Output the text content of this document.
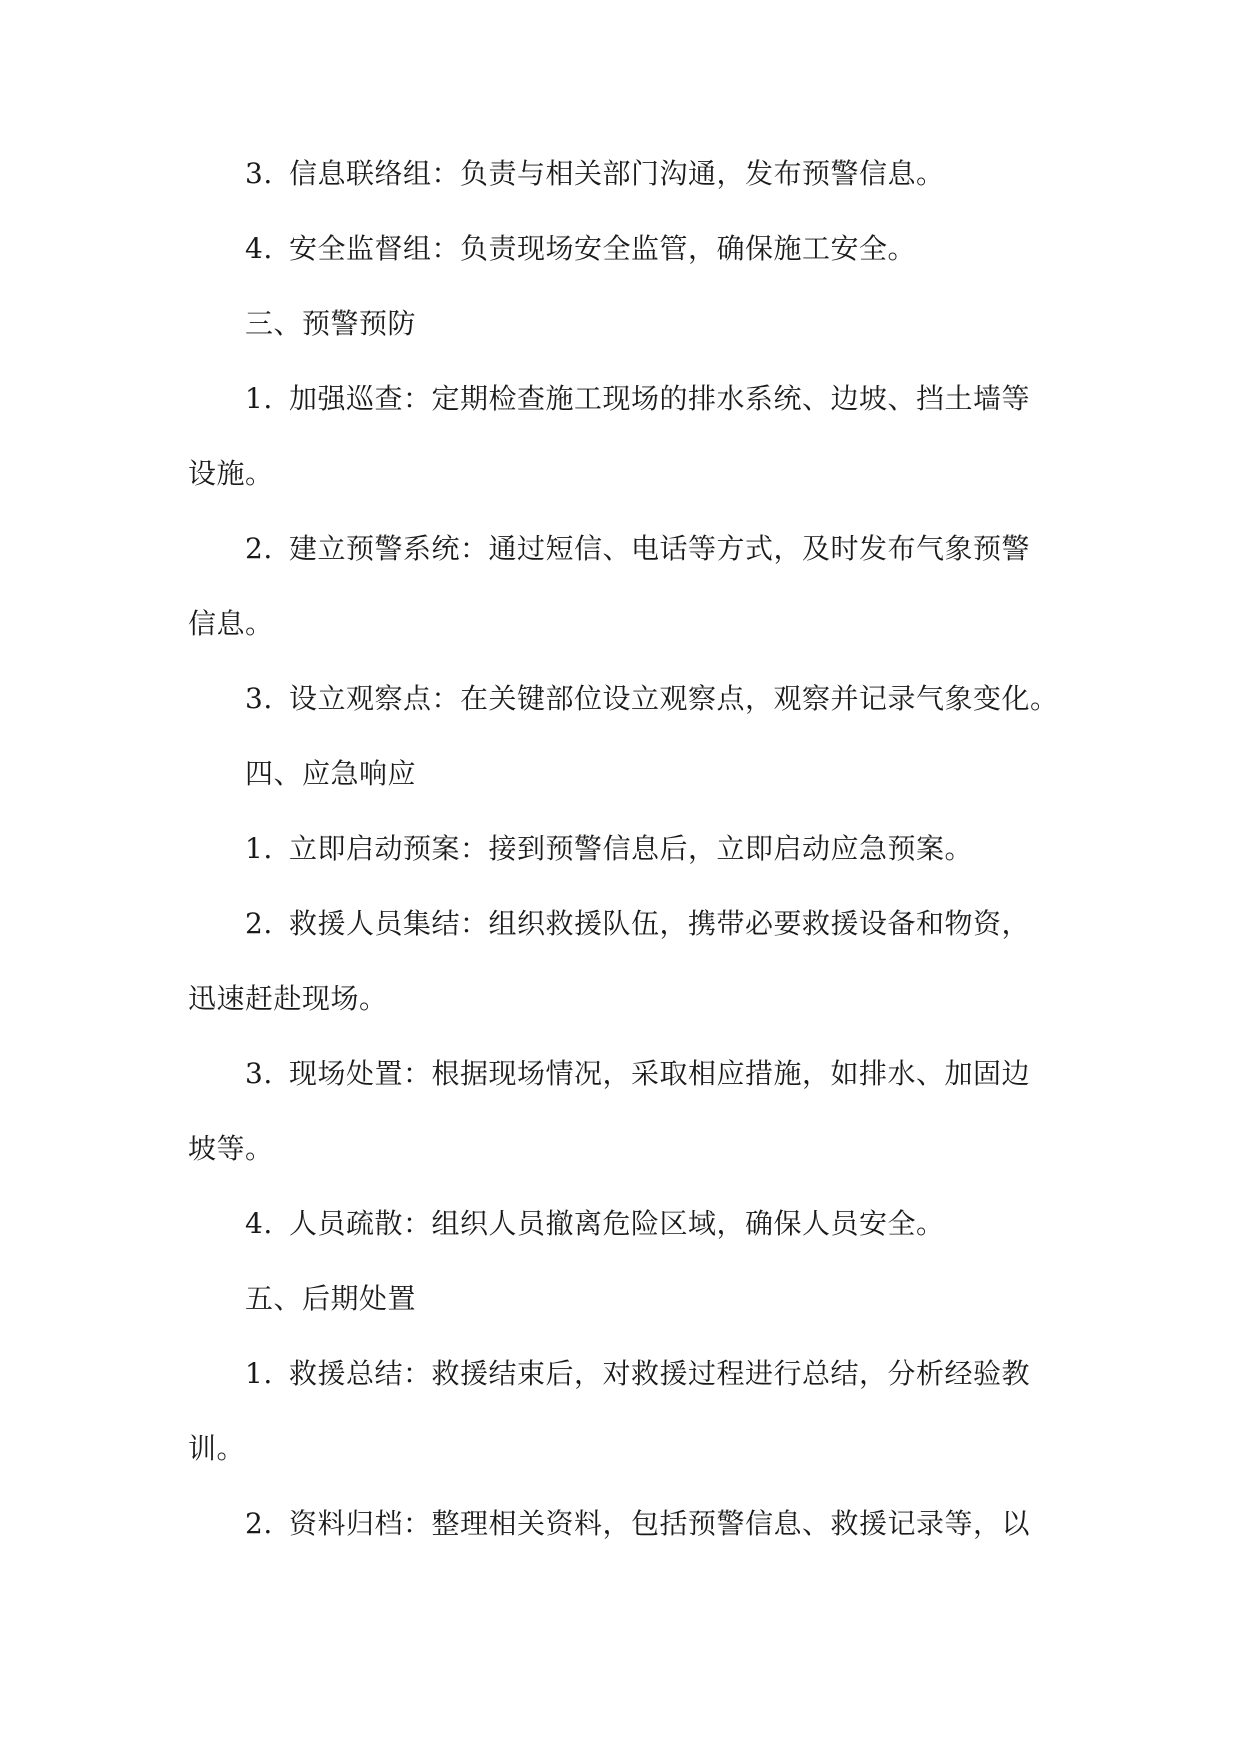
3. 信息联络组：负责与相关部门沟通，发布预警信息。
4. 安全监督组：负责现场安全监管，确保施工安全。
三、预警预防
1. 加强巡查：定期检查施工现场的排水系统、边坡、挡土墙等
设施。
2. 建立预警系统：通过短信、电话等方式，及时发布气象预警
信息。
3. 设立观察点：在关键部位设立观察点，观察并记录气象变化。
四、应急响应
1. 立即启动预案：接到预警信息后，立即启动应急预案。
2. 救援人员集结：组织救援队伍，携带必要救援设备和物资，
迅速赶赴现场。
3. 现场处置：根据现场情况，采取相应措施，如排水、加固边
坡等。
4. 人员疏散：组织人员撤离危险区域，确保人员安全。
五、后期处置
1. 救援总结：救援结束后，对救援过程进行总结，分析经验教
训。
2. 资料归档：整理相关资料，包括预警信息、救援记录等，以
